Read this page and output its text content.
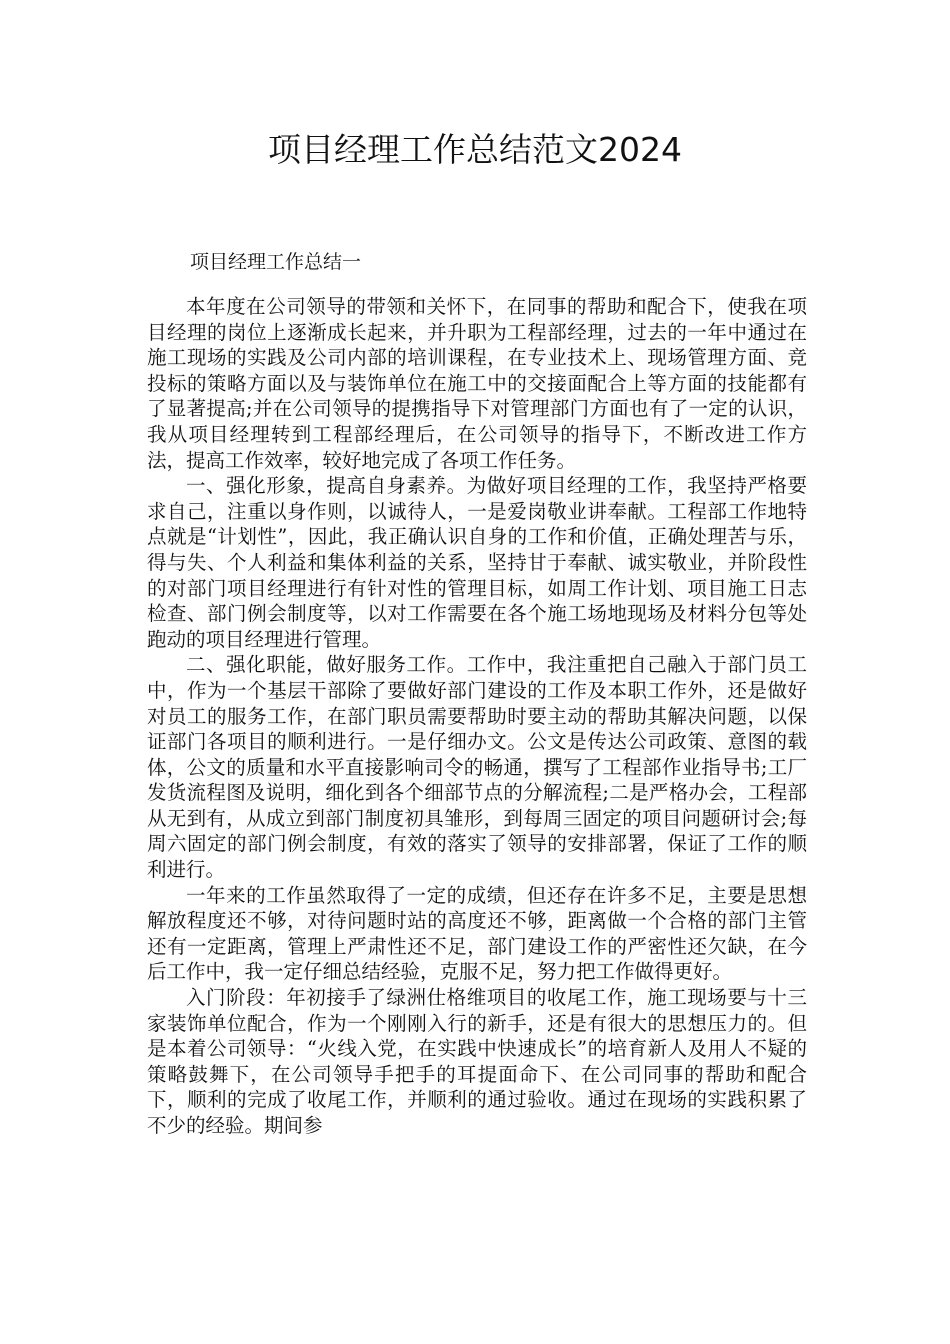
项目经理工作总结范文2024
项目经理工作总结一

本年度在公司领导的带领和关怀下，在同事的帮助和配合下，使我在项目经理的岗位上逐渐成长起来，并升职为工程部经理，过去的一年中通过在施工现场的实践及公司内部的培训课程，在专业技术上、现场管理方面、竞投标的策略方面以及与装饰单位在施工中的交接面配合上等方面的技能都有了显著提高;并在公司领导的提携指导下对管理部门方面也有了一定的认识，我从项目经理转到工程部经理后，在公司领导的指导下，不断改进工作方法，提高工作效率，较好地完成了各项工作任务。

一、强化形象，提高自身素养。为做好项目经理的工作，我坚持严格要求自己，注重以身作则，以诚待人，一是爱岗敬业讲奉献。工程部工作地特点就是“计划性”，因此，我正确认识自身的工作和价值，正确处理苦与乐，得与失、个人利益和集体利益的关系，坚持甘于奉献、诚实敬业，并阶段性的对部门项目经理进行有针对性的管理目标，如周工作计划、项目施工日志检查、部门例会制度等，以对工作需要在各个施工场地现场及材料分包等处跑动的项目经理进行管理。

二、强化职能，做好服务工作。工作中，我注重把自己融入于部门员工中，作为一个基层干部除了要做好部门建设的工作及本职工作外，还是做好对员工的服务工作，在部门职员需要帮助时要主动的帮助其解决问题，以保证部门各项目的顺利进行。一是仔细办文。公文是传达公司政策、意图的载体，公文的质量和水平直接影响司令的畅通，撰写了工程部作业指导书;工厂发货流程图及说明，细化到各个细部节点的分解流程;二是严格办会，工程部从无到有，从成立到部门制度初具雏形，到每周三固定的项目问题研讨会;每周六固定的部门例会制度，有效的落实了领导的安排部署，保证了工作的顺利进行。

一年来的工作虽然取得了一定的成绩，但还存在许多不足，主要是思想解放程度还不够，对待问题时站的高度还不够，距离做一个合格的部门主管还有一定距离，管理上严肃性还不足，部门建设工作的严密性还欠缺，在今后工作中，我一定仔细总结经验，克服不足，努力把工作做得更好。

入门阶段：年初接手了绿洲仕格维项目的收尾工作，施工现场要与十三家装饰单位配合，作为一个刚刚入行的新手，还是有很大的思想压力的。但是本着公司领导：“火线入党，在实践中快速成长”的培育新人及用人不疑的策略鼓舞下，在公司领导手把手的耳提面命下、在公司同事的帮助和配合下，顺利的完成了收尾工作，并顺利的通过验收。通过在现场的实践积累了不少的经验。期间参
